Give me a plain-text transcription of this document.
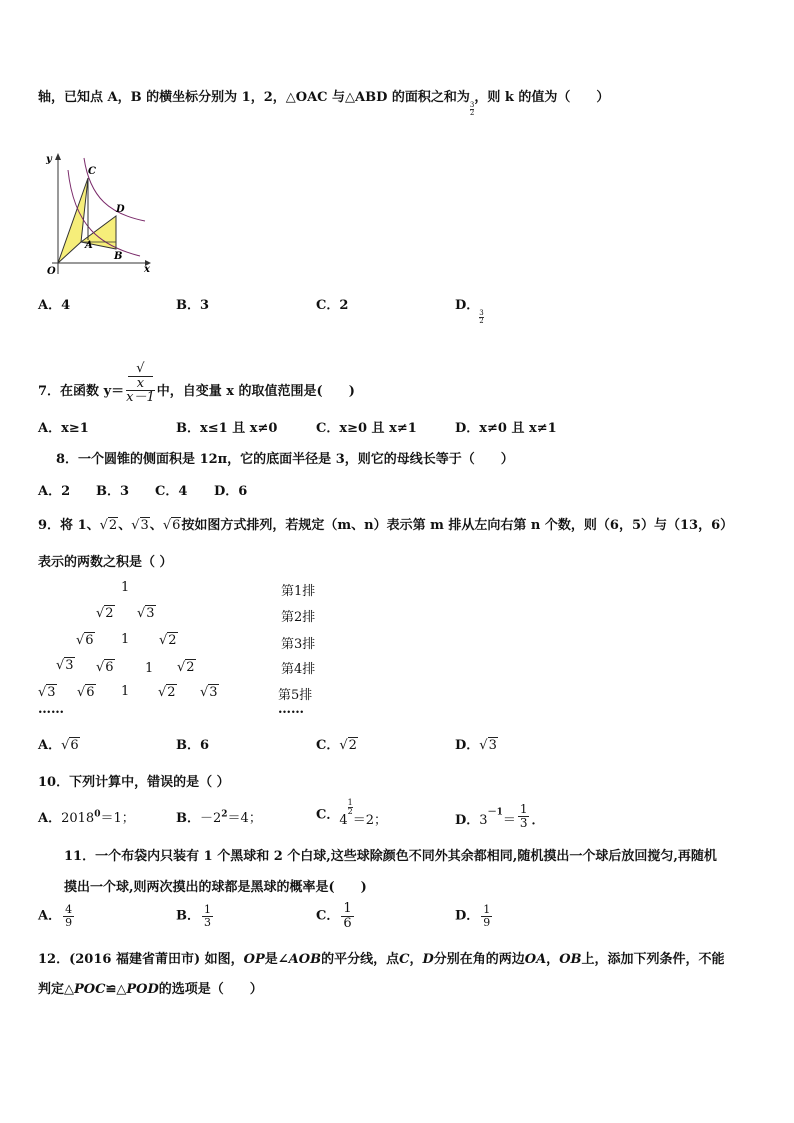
轴，已知点 A，B 的横坐标分别为 1，2，△OAC 与△ABD 的面积之和为
$\frac{3}{2}$
，则 k 的值为（　　）
y
x
O
A
B
C
D
A．4	B．3	C．2	D．
$\frac{3}{2}$
7．在函数 y＝ √
x
x－1 中，自变量 x 的取值范围是(　　)
A．x≥1	B．x≤1 且 x≠0	C．x≥0 且 x≠1	D．x≠0 且 x≠1
8．一个圆锥的侧面积是 12π，它的底面半径是 3，则它的母线长等于（　　）
A．2 B．3 C．4 D．6
9．将 1、√2、√3、√6按如图方式排列，若规定（m、n）表示第 m 排从左向右第 n 个数，则（6，5）与（13，6）
表示的两数之积是（ ）
1
√2 √3
√6 1 √2
√3 √6 1 √2
√3 √6 1 √2 √3
……
第1排
第2排
第3排
第4排
第5排
……
A．√6	B．6	C．√2	D．√3
10．下列计算中，错误的是（ ）
A．$2018^0=1$；	B．$-2^2=4$；	C．4
$\frac{1}{2}$
＝2；	D．$3^{-1}= \frac{1}{3}$ ．
11．一个布袋内只装有 1 个黑球和 2 个白球,这些球除颜色不同外其余都相同,随机摸出一个球后放回搅匀,再随机
摸出一个球,则两次摸出的球都是黑球的概率是(　　)
A． $\frac{4}{9}$	B． $\frac{1}{3}$	C． $\frac{1}{6}$	D． $\frac{1}{9}$
12．(2016 福建省莆田市) 如图，OP是∠AOB的平分线，点C，D分别在角的两边OA，OB上，添加下列条件，不能
判定△POC≌△POD的选项是（　　）
